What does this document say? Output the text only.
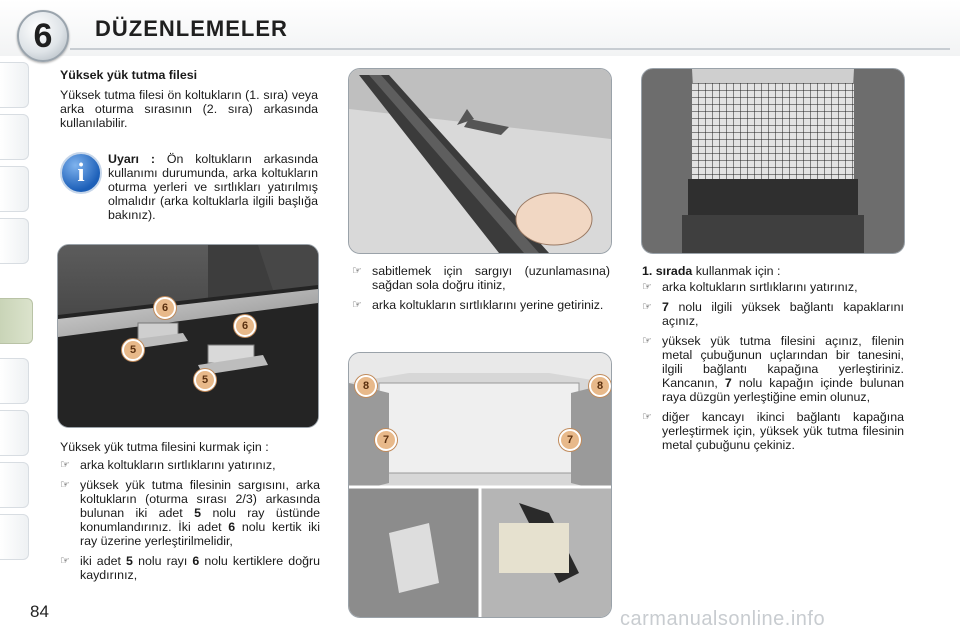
6	DÜZENLEMELER
Yüksek yük tutma filesi
Yüksek tutma filesi ön koltukların (1. sıra) veya arka oturma sırasının (2. sıra) arkasında kullanılabilir.
i	Uyarı : Ön koltukların arkasında kullanımı durumunda, arka koltukların oturma yerleri ve sırtlıkları yatırılmış olmalıdır (arka koltuklarla ilgili başlığa bakınız).
6
6
5
5
Yüksek yük tutma filesini kurmak için :
☞ arka koltukların sırtlıklarını yatırınız,
☞ yüksek yük tutma filesinin sargısını, arka koltukların (oturma sırası 2/3) arkasında bulunan iki adet 5 nolu ray üstünde konumlandırınız. İki adet 6 nolu kertik iki ray üzerine yerleştirilmelidir,
☞ iki adet 5 nolu rayı 6 nolu kertiklere doğru kaydırınız,
☞ sabitlemek için sargıyı (uzunlamasına) sağdan sola doğru itiniz,
☞ arka koltukların sırtlıklarını yerine getiriniz.
8	8
7	7
1. sırada kullanmak için :
☞ arka koltukların sırtlıklarını yatırınız,
☞ 7 nolu ilgili yüksek bağlantı kapaklarını açınız,
☞ yüksek yük tutma filesini açınız, filenin metal çubuğunun uçlarından bir tanesini, ilgili bağlantı kapağına yerleştiriniz. Kancanın, 7 nolu kapağın içinde bulunan raya düzgün yerleştiğine emin olunuz,
☞ diğer kancayı ikinci bağlantı kapağına yerleştirmek için, yüksek yük tutma filesinin metal çubuğunu çekiniz.
84	carmanualsonline.info
